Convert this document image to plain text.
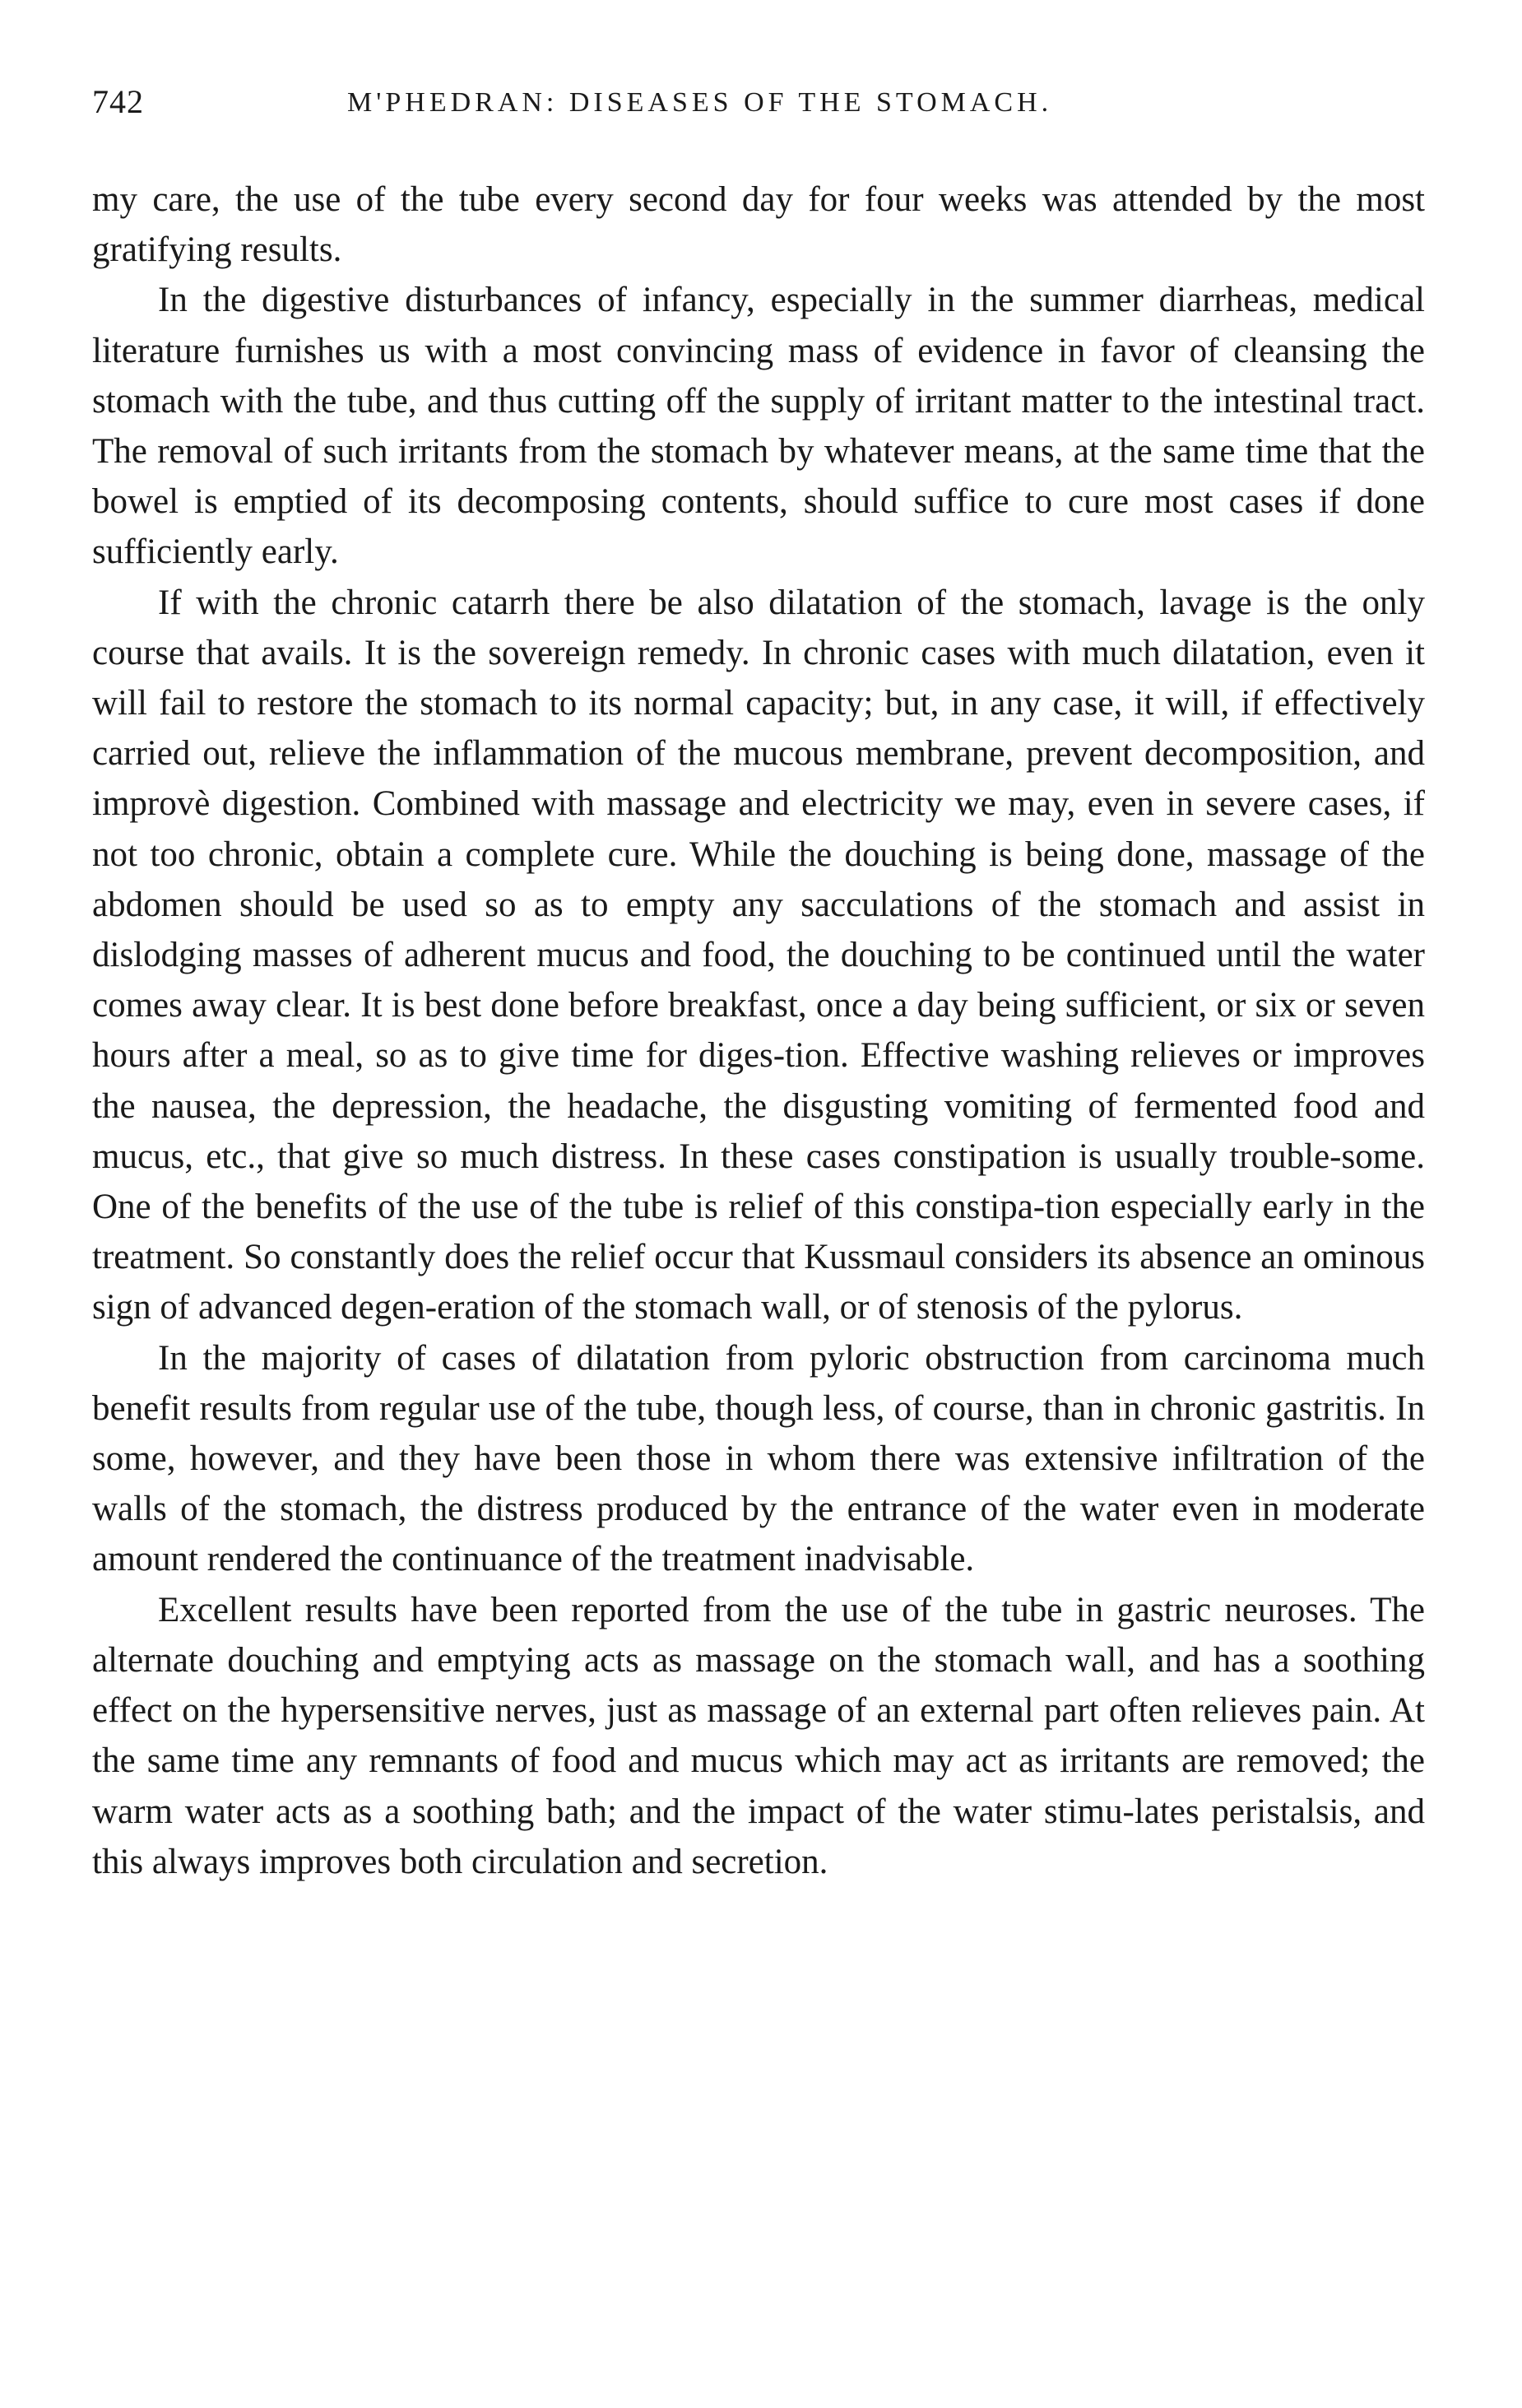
742	M'PHEDRAN: DISEASES OF THE STOMACH.

my care, the use of the tube every second day for four weeks was attended by the most gratifying results.

In the digestive disturbances of infancy, especially in the summer diarrheas, medical literature furnishes us with a most convincing mass of evidence in favor of cleansing the stomach with the tube, and thus cutting off the supply of irritant matter to the intestinal tract. The removal of such irritants from the stomach by whatever means, at the same time that the bowel is emptied of its decomposing contents, should suffice to cure most cases if done sufficiently early.

If with the chronic catarrh there be also dilatation of the stomach, lavage is the only course that avails. It is the sovereign remedy. In chronic cases with much dilatation, even it will fail to restore the stomach to its normal capacity; but, in any case, it will, if effectively carried out, relieve the inflammation of the mucous membrane, prevent decomposition, and improvè digestion. Combined with massage and electricity we may, even in severe cases, if not too chronic, obtain a complete cure. While the douching is being done, massage of the abdomen should be used so as to empty any sacculations of the stomach and assist in dislodging masses of adherent mucus and food, the douching to be continued until the water comes away clear. It is best done before breakfast, once a day being sufficient, or six or seven hours after a meal, so as to give time for diges-tion. Effective washing relieves or improves the nausea, the depression, the headache, the disgusting vomiting of fermented food and mucus, etc., that give so much distress. In these cases constipation is usually trouble-some. One of the benefits of the use of the tube is relief of this constipa-tion especially early in the treatment. So constantly does the relief occur that Kussmaul considers its absence an ominous sign of advanced degen-eration of the stomach wall, or of stenosis of the pylorus.

In the majority of cases of dilatation from pyloric obstruction from carcinoma much benefit results from regular use of the tube, though less, of course, than in chronic gastritis. In some, however, and they have been those in whom there was extensive infiltration of the walls of the stomach, the distress produced by the entrance of the water even in moderate amount rendered the continuance of the treatment inadvisable.

Excellent results have been reported from the use of the tube in gastric neuroses. The alternate douching and emptying acts as massage on the stomach wall, and has a soothing effect on the hypersensitive nerves, just as massage of an external part often relieves pain. At the same time any remnants of food and mucus which may act as irritants are removed; the warm water acts as a soothing bath; and the impact of the water stimu-lates peristalsis, and this always improves both circulation and secretion.
